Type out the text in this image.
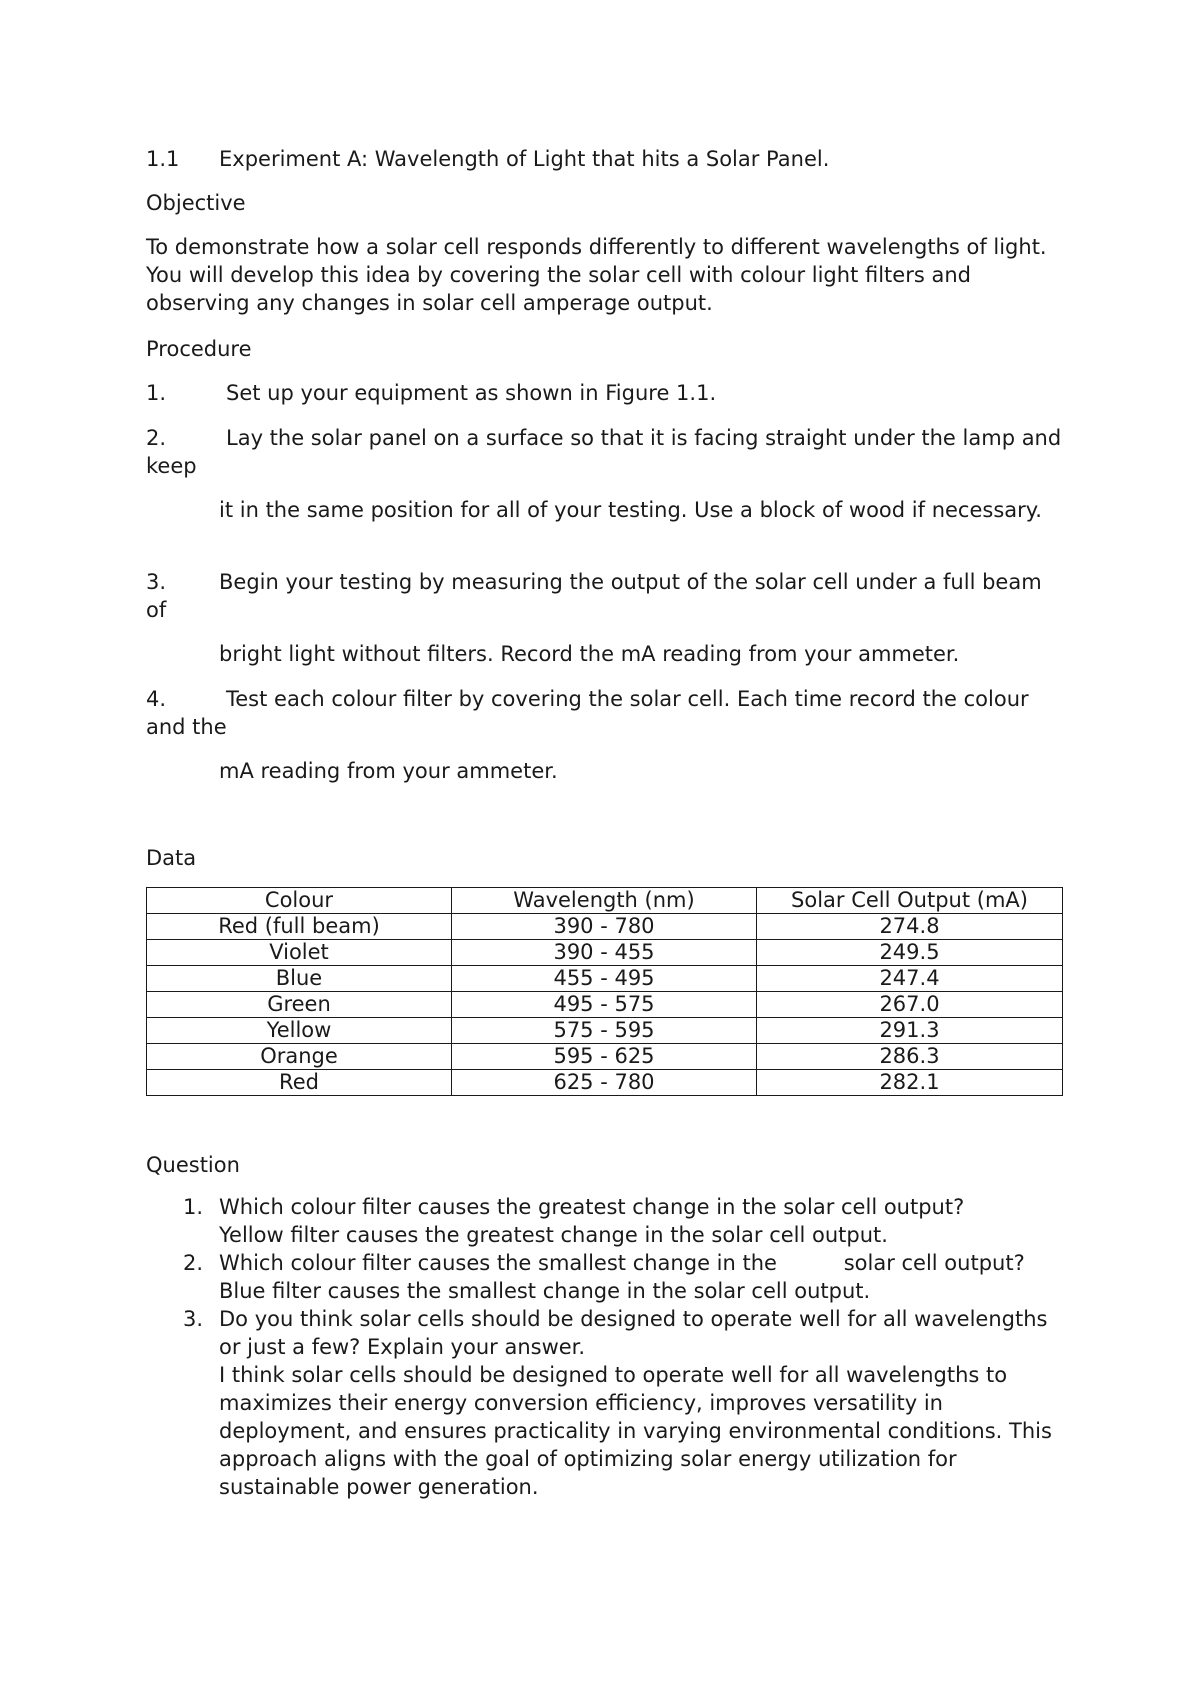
1.1 Experiment A: Wavelength of Light that hits a Solar Panel.

Objective

To demonstrate how a solar cell responds differently to different wavelengths of light. You will develop this idea by covering the solar cell with colour light filters and observing any changes in solar cell amperage output.

Procedure

1.	Set up your equipment as shown in Figure 1.1.

2.	Lay the solar panel on a surface so that it is facing straight under the lamp and keep

it in the same position for all of your testing. Use a block of wood if necessary.

3.	Begin your testing by measuring the output of the solar cell under a full beam of

bright light without filters. Record the mA reading from your ammeter.

4.	Test each colour filter by covering the solar cell. Each time record the colour and the

mA reading from your ammeter.

Data

Colour	Wavelength (nm)	Solar Cell Output (mA)
Red (full beam)	390 - 780	274.8
Violet	390 - 455	249.5
Blue	455 - 495	247.4
Green	495 - 575	267.0
Yellow	575 - 595	291.3
Orange	595 - 625	286.3
Red	625 - 780	282.1

Question

1. Which colour filter causes the greatest change in the solar cell output?
Yellow filter causes the greatest change in the solar cell output.
2. Which colour filter causes the smallest change in the          solar cell output?
Blue filter causes the smallest change in the solar cell output.
3. Do you think solar cells should be designed to operate well for all wavelengths or just a few? Explain your answer.
I think solar cells should be designed to operate well for all wavelengths to maximizes their energy conversion efficiency, improves versatility in deployment, and ensures practicality in varying environmental conditions. This approach aligns with the goal of optimizing solar energy utilization for sustainable power generation.
